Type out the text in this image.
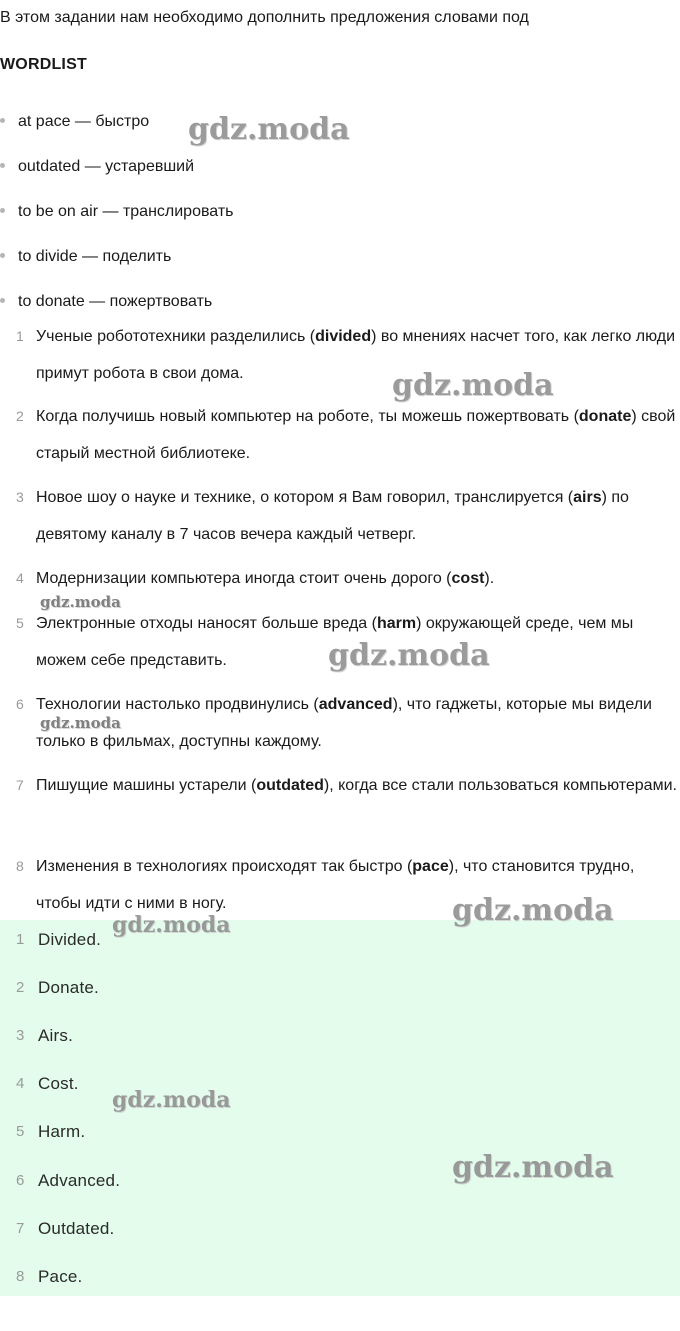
В этом задании нам необходимо дополнить предложения словами под
WORDLIST
at pace — быстро
outdated — устаревший
to be on air — транслировать
to divide — поделить
to donate — пожертвовать
1 Ученые робототехники разделились (divided) во мнениях насчет того, как легко люди примут робота в свои дома.
2 Когда получишь новый компьютер на роботе, ты можешь пожертвовать (donate) свой старый местной библиотеке.
3 Новое шоу о науке и технике, о котором я Вам говорил, транслируется (airs) по девятому каналу в 7 часов вечера каждый четверг.
4 Модернизации компьютера иногда стоит очень дорого (cost).
5 Электронные отходы наносят больше вреда (harm) окружающей среде, чем мы можем себе представить.
6 Технологии настолько продвинулись (advanced), что гаджеты, которые мы видели только в фильмах, доступны каждому.
7 Пишущие машины устарели (outdated), когда все стали пользоваться компьютерами.
8 Изменения в технологиях происходят так быстро (pace), что становится трудно, чтобы идти с ними в ногу.
1 Divided.
2 Donate.
3 Airs.
4 Cost.
5 Harm.
6 Advanced.
7 Outdated.
8 Pace.
gdz.moda
gdz.moda
gdz.moda
gdz.moda
gdz.moda
gdz.moda
gdz.moda
gdz.moda
gdz.moda
